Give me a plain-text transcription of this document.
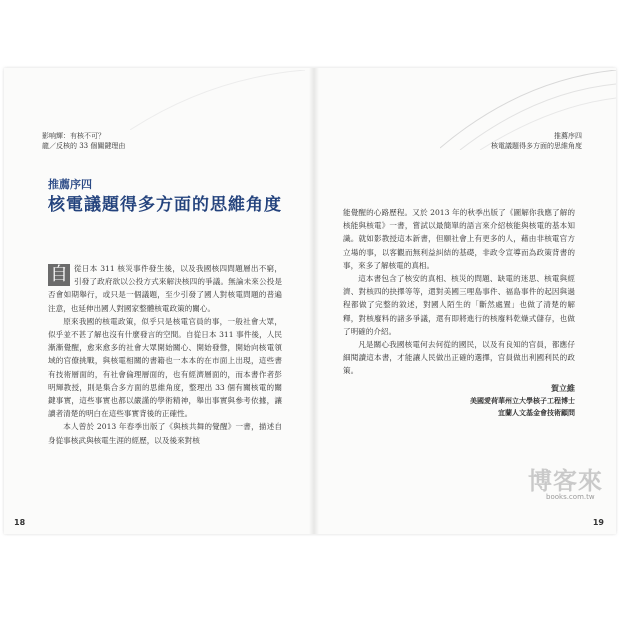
影响輝：有核不可？
龍／反核的 33 個關鍵理由
推薦序四
核電議題得多方面的思維角度
推薦序四
核電議題得多方面的思維角度

自 從日本 311 核災事件發生後，以及我國核四問題層出不窮，引發了政府欲以公投方式來解決核四的爭議。無論未來公投是否會如期舉行，或只是一個議題，至少引發了國人對核電問題的普遍注意，也延伸出國人對國家整體核電政策的關心。

原來我國的核電政策，似乎只是核電官員的事，一般社會大眾，似乎並不甚了解也沒有什麼發言的空間。自從日本 311 事件後，人民漸漸覺醒，愈來愈多的社會大眾開始關心、開始發聲，開始向核電領域的官僚挑戰，與核電相關的書籍也一本本的在市面上出現，這些書有技術層面的，有社會倫理層面的，也有經濟層面的，而本書作者彭明輝教授，則是集合多方面的思維角度，整理出 33 個有關核電的關鍵事實，這些事實也都以嚴謹的學術精神，舉出事實與參考依據，讓讀者清楚的明白在這些事實背後的正確性。

本人曾於 2013 年春季出版了《與核共舞的覺醒》一書，描述自身從事核武與核電生涯的經歷，以及後來對核

能覺醒的心路歷程。又於 2013 年的秋季出版了《圖解你我應了解的核能與核電》一書，嘗試以最簡單的語言來介紹核能與核電的基本知識。就如影教授這本新書，但願社會上有更多的人，藉由非核電官方立場的事，以客觀而無利益糾結的基礎，非政令宣導而為政策背書的事，來多了解核電的真相。

這本書包含了核安的真相、核災的問題、缺電的迷思、核電與經濟、對核四的抉擇等等，還對美國三哩島事件、福島事件的起因與過程都做了完整的敘述，對國人陌生的「斷然處置」也做了清楚的解釋，對核廢料的諸多爭議，還有即將進行的核廢料乾燥式儲存，也做了明確的介紹。

凡是關心我國核電何去何從的國民，以及有良知的官員，都應仔細閱讀這本書，才能讓人民做出正確的選擇，官員做出利國利民的政策。

賀立維
美國愛荷華州立大學核子工程博士
宜蘭人文基金會技術顧問
18	19
博客來
books.com.tw
